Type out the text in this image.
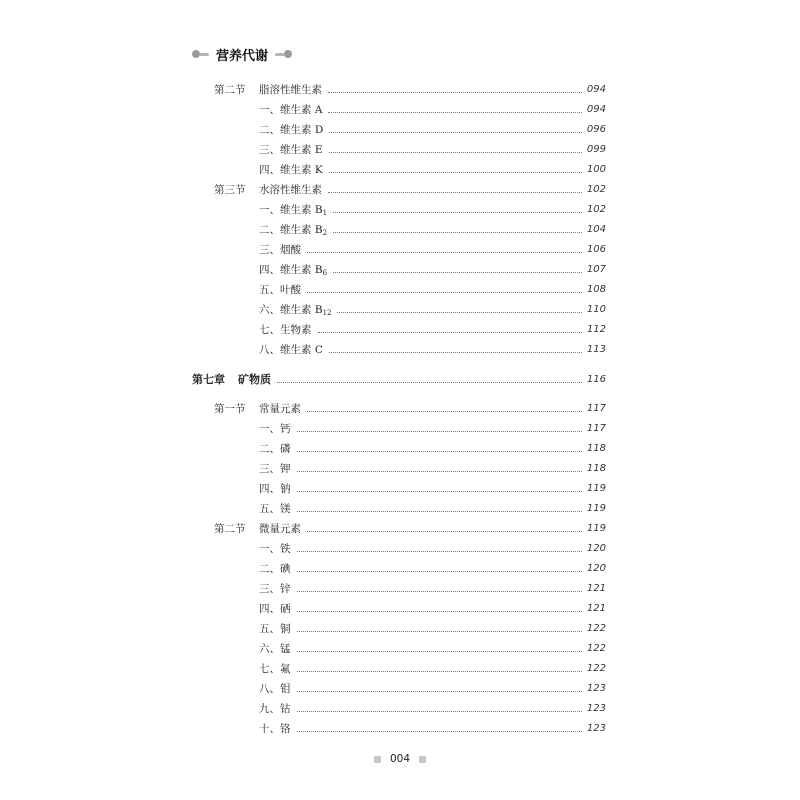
营养代谢
第二节 脂溶性维生素	094
一、维生素 A	094
二、维生素 D	096
三、维生素 E	099
四、维生素 K	100
第三节 水溶性维生素	102
一、维生素 $B_1$	102
二、维生素 $B_2$	104
三、烟酸	106
四、维生素 $B_6$	107
五、叶酸	108
六、维生素 $B_{12}$	110
七、生物素	112
八、维生素 C	113
第七章 矿物质	116
第一节 常量元素	117
一、钙	117
二、磷	118
三、钾	118
四、钠	119
五、镁	119
第二节 微量元素	119
一、铁	120
二、碘	120
三、锌	121
四、硒	121
五、铜	122
六、锰	122
七、氟	122
八、钼	123
九、钴	123
十、铬	123
004
